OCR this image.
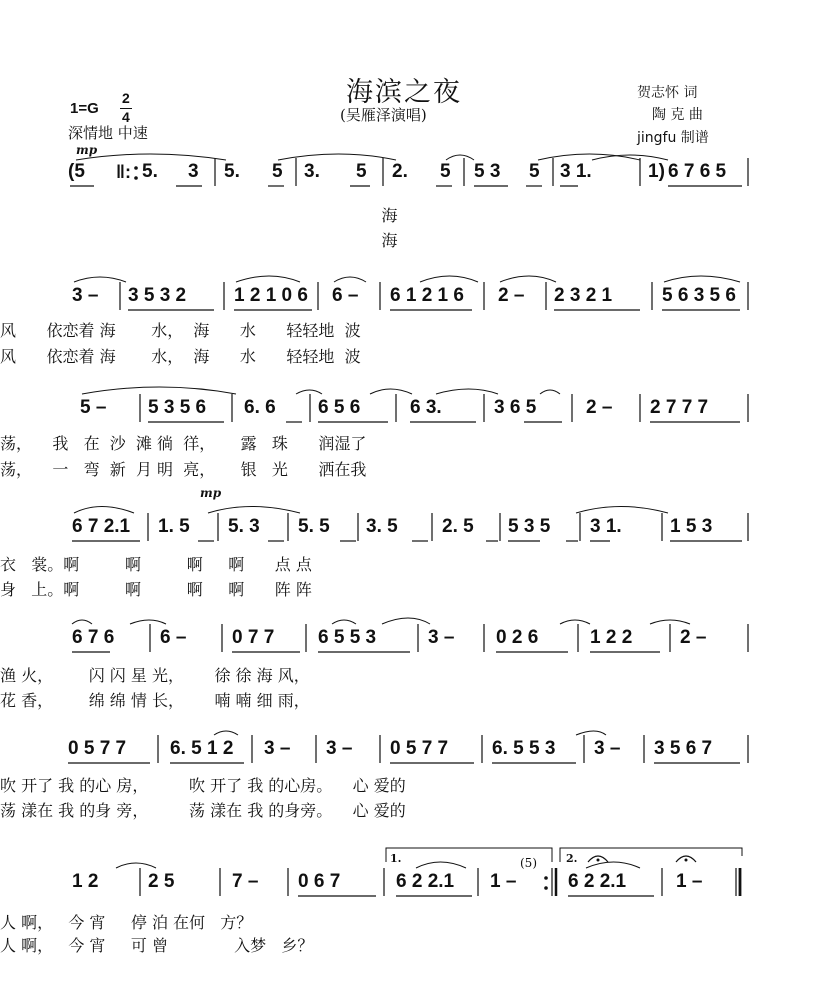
海滨之夜
(吴雁泽演唱)
1=G
2
4
深情地 中速
贺志怀 词
陶 克 曲
jingfu 制谱
mp
mp
(5 ‖: 5. 3 5. 5 3. 5 2. 5 5 3 5 3 1.	1) 6 7 6 5
海
海
3 – 3 5 3 2	1 2 1 0 6 6 – 6 1 2 1 6 2 – 2 3 2 1	5 6 3 5 6
风      依恋着 海       水，  海      水      轻轻地  波
风      依恋着 海       水，  海      水      轻轻地  波
5 – 5 3 5 6 6. 6 6 5 6	6 3.	3 6 5	2 – 2 7 7 7
荡，    我   在  沙  滩 徜  徉，     露   珠      润湿了
荡，    一   弯  新  月 明  亮，     银   光      洒在我
6 7 2.1 1. 5 5. 3 5. 5 3. 5 2. 5 5 3 5 3 1.	1 5 3
衣   裳。啊         啊         啊     啊      点 点
身   上。啊         啊         啊     啊      阵 阵
6 7 6 6 – 0 7 7 6 5 5 3	3 – 0 2 6	1 2 2	2 –
渔 火，       闪 闪 星 光，      徐 徐 海 风，
花 香，       绵 绵 情 长，      喃 喃 细 雨，
0 5 7 7 6. 5 1 2 3 – 3 – 0 5 7 7 6. 5 5 3 3 – 3 5 6 7
吹 开了 我 的心 房，        吹 开了 我 的心房。    心 爱的
荡 漾在 我 的身 旁，        荡 漾在 我 的身旁。    心 爱的
1 2	2 5	7 – 0 6 7	6 2 2.1 1 –	6 2 2.1	1 –
1.	2.
(5)
人 啊，   今 宵     停 泊 在何   方？
人 啊，   今 宵     可 曾             入梦   乡？
